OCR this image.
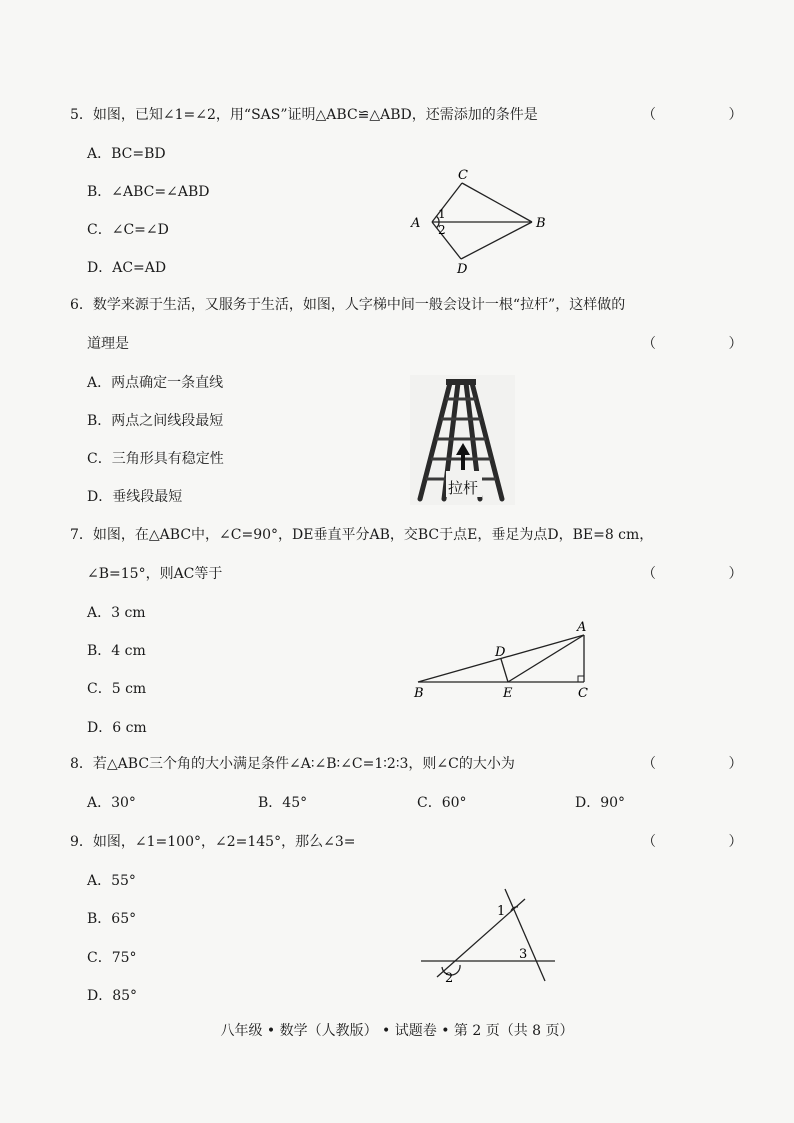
5．如图，已知∠1=∠2，用“SAS”证明△ABC≌△ABD，还需添加的条件是	（ ）
A．BC=BD
B．∠ABC=∠ABD
C．∠C=∠D
D．AC=AD
C
A	B
D
1
2
6．数学来源于生活，又服务于生活，如图，人字梯中间一般会设计一根“拉杆”，这样做的
道理是	（ ）
A．两点确定一条直线
B．两点之间线段最短
C．三角形具有稳定性
D．垂线段最短	拉杆
7．如图，在△ABC中，∠C=90°，DE垂直平分AB，交BC于点E，垂足为点D，BE=8 cm，
∠B=15°，则AC等于	（ ）
A．3 cm
B．4 cm
C．5 cm
D．6 cm
A
D
B	E	C
8．若△ABC三个角的大小满足条件∠A∶∠B∶∠C=1∶2∶3，则∠C的大小为	（ ）
A．30°	B．45°	C．60°	D．90°
9．如图，∠1=100°，∠2=145°，那么∠3=	（ ）
A．55°
B．65°
C．75°
D．85°
1
2
3
八年级 • 数学（人教版） • 试题卷 • 第 2 页（共 8 页）
